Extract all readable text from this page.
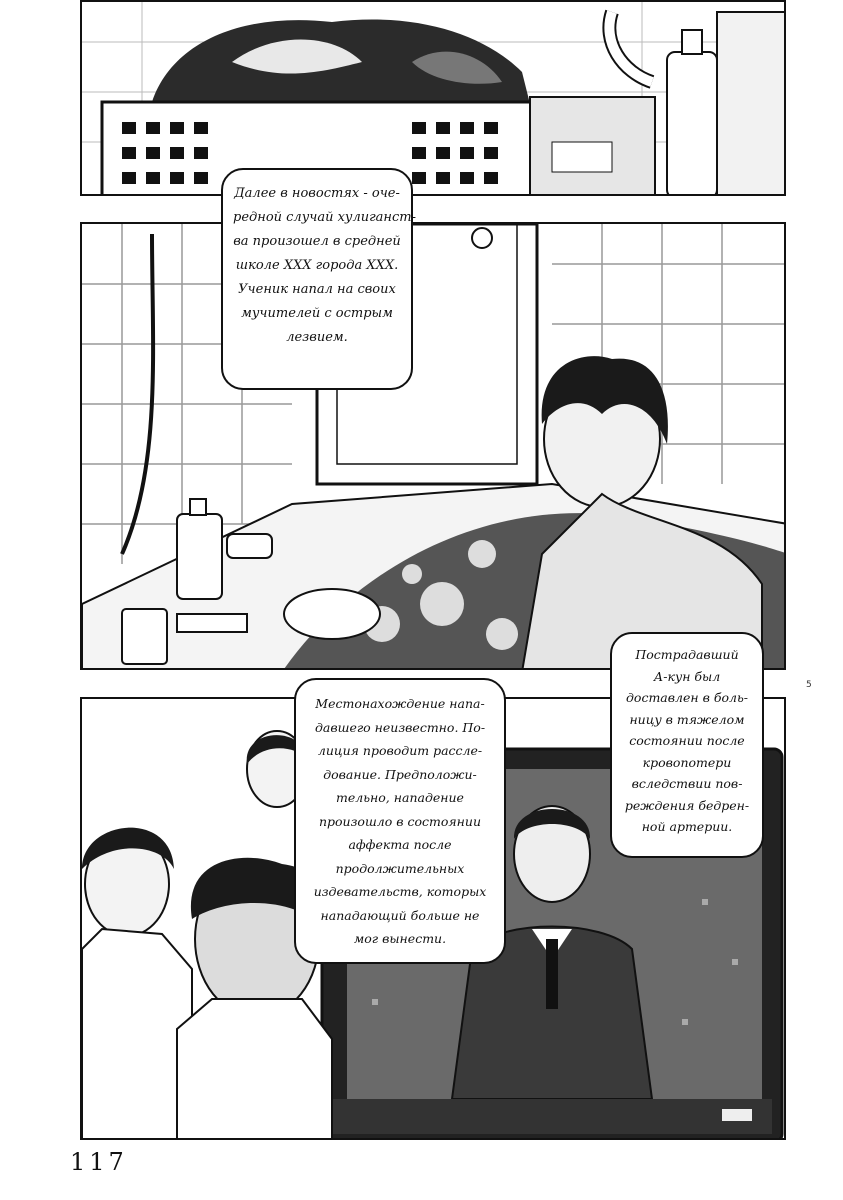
Далее в новостях - оче-
редной случай хулиганст-
ва произошел в средней
школе XXX города XXX.
Ученик напал на своих
мучителей с острым
лезвием.
Пострадавший
А-кун был
доставлен в боль-
ницу в тяжелом
состоянии после
кровопотери
вследствии пов-
реждения бедрен-
ной артерии.
Местонахождение напа-
давшего неизвестно. По-
лиция проводит рассле-
дование. Предположи-
тельно, нападение
произошло в состоянии
аффекта после
продолжительных
издевательств, которых
нападающий больше не
мог вынести.
5
117
